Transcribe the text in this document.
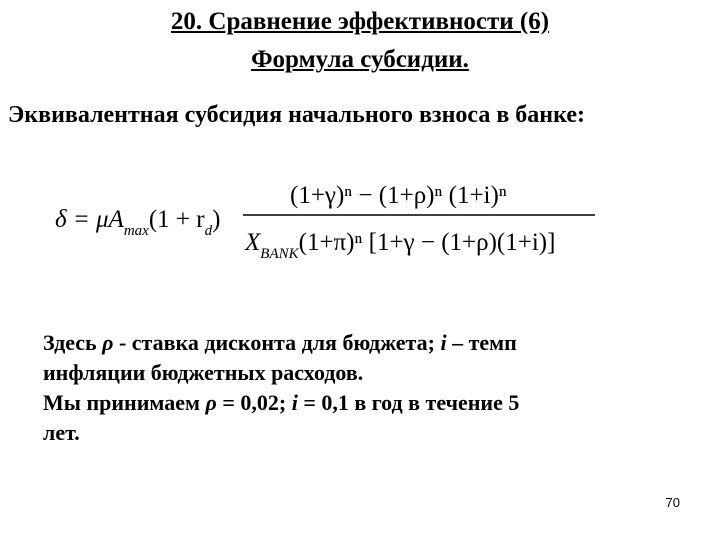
20. Сравнение эффективности (6)
Формула субсидии.
Эквивалентная субсидия начального взноса в банке:
$\delta = \mu A_{max}(1 + r_d)$
(1+γ)ⁿ − (1+ρ)ⁿ (1+i)ⁿ
$X_{BANK}(1+\pi)^n$ [1+γ − (1+ρ)(1+i)]

Здесь ρ - ставка дисконта для бюджета; i – темп

инфляции бюджетных расходов.

Мы принимаем ρ = 0,02; i = 0,1 в год в течение 5

лет.

70
